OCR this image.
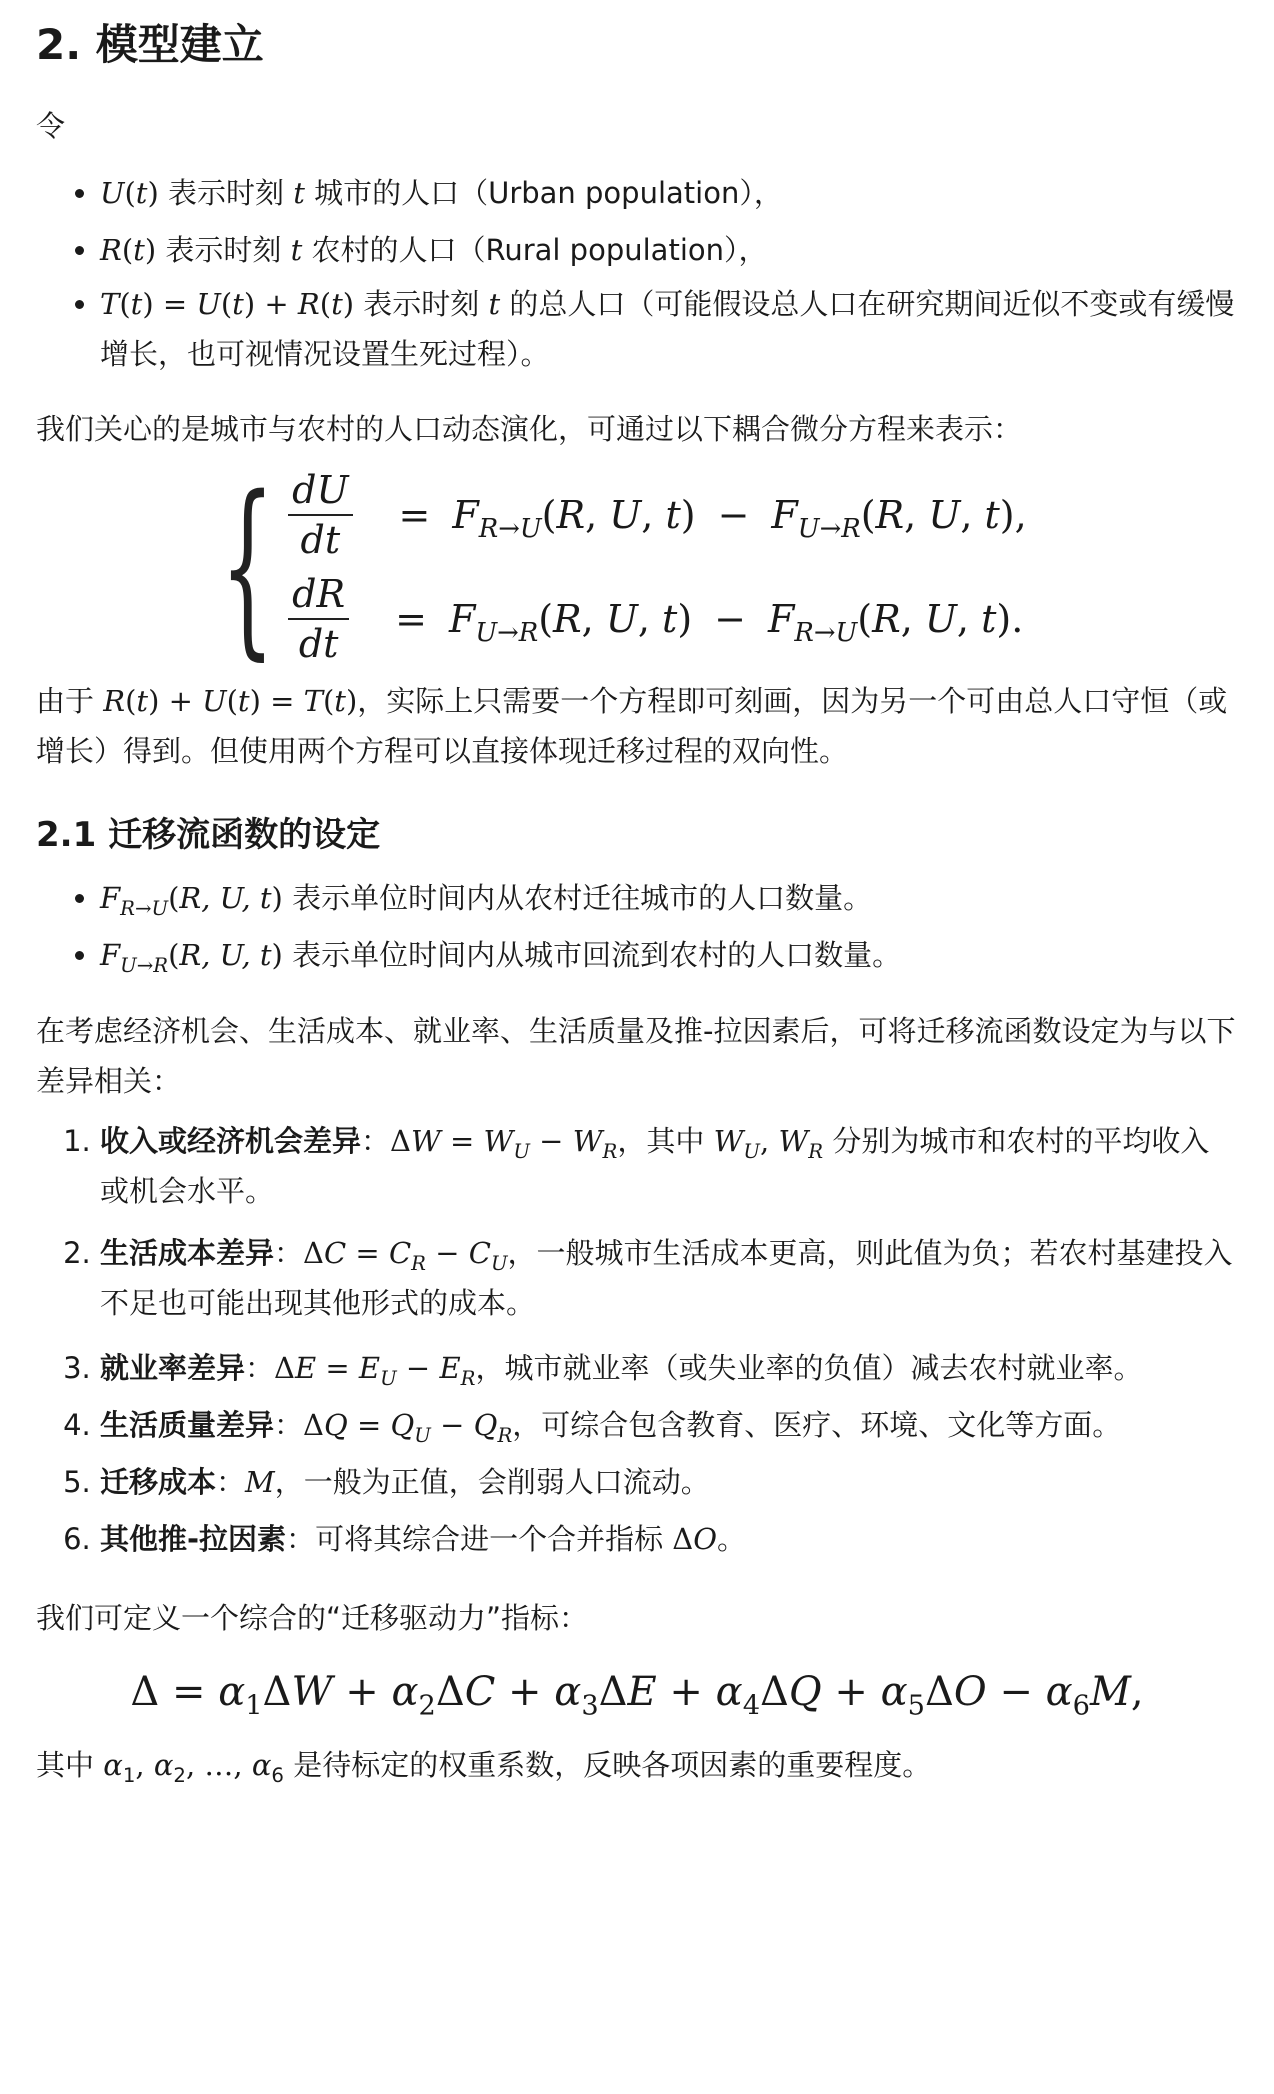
2. 模型建立

令

• U(t) 表示时刻 t 城市的人口（Urban population），
• R(t) 表示时刻 t 农村的人口（Rural population），
• T(t) = U(t) + R(t) 表示时刻 t 的总人口（可能假设总人口在研究期间近似不变或有缓慢增长，也可视情况设置生死过程）。

我们关心的是城市与农村的人口动态演化，可通过以下耦合微分方程来表示：

{ $\frac{dU}{dt} = F_{R\to U}(R$, U, $t) - F_{U\to R}(R$, U, t),
$\frac{dR}{dt} = F_{U\to R}(R$, U, $t) - F_{R\to U}(R$, U, t).

由于 R(t) + U(t) = T(t)，实际上只需要一个方程即可刻画，因为另一个可由总人口守恒（或增长）得到。但使用两个方程可以直接体现迁移过程的双向性。

2.1 迁移流函数的设定
• $F_{R\to U}(R$, U, t) 表示单位时间内从农村迁往城市的人口数量。
• $F_{U\to R}(R$, U, t) 表示单位时间内从城市回流到农村的人口数量。

在考虑经济机会、生活成本、就业率、生活质量及推-拉因素后，可将迁移流函数设定为与以下差异相关：

1. 收入或经济机会差异：$\Delta W = W_U - W_R$，其中 $W_U$, $W_R$ 分别为城市和农村的平均收入或机会水平。
2. 生活成本差异：$\Delta C = C_R - C_U$，一般城市生活成本更高，则此值为负；若农村基建投入不足也可能出现其他形式的成本。
3. 就业率差异：$\Delta E = E_U - E_R$，城市就业率（或失业率的负值）减去农村就业率。
4. 生活质量差异：$\Delta Q = Q_U - Q_R$，可综合包含教育、医疗、环境、文化等方面。
5. 迁移成本：M，一般为正值，会削弱人口流动。
6. 其他推-拉因素：可将其综合进一个合并指标 ΔO。

我们可定义一个综合的“迁移驱动力”指标：

$\Delta = \alpha_1\Delta W + \alpha_2\Delta C + \alpha_3\Delta E + \alpha_4\Delta Q + \alpha_5\Delta O - \alpha_6M$,

其中 $\alpha_1$, $\alpha_2$, …, $\alpha_6$ 是待标定的权重系数，反映各项因素的重要程度。
